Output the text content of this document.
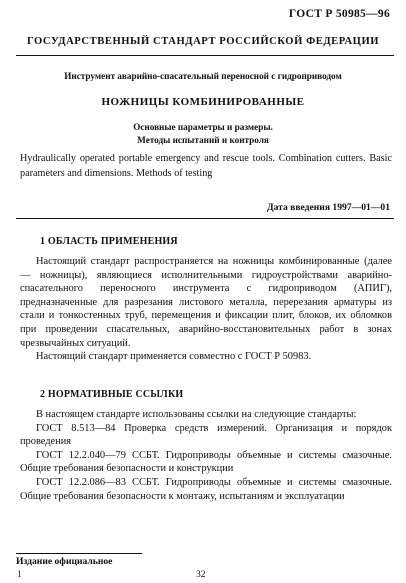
ГОСТ Р 50985—96
ГОСУДАРСТВЕННЫЙ СТАНДАРТ РОССИЙСКОЙ ФЕДЕРАЦИИ
Инструмент аварийно-спасательный переносной с гидроприводом
НОЖНИЦЫ КОМБИНИРОВАННЫЕ
Основные параметры и размеры.
Методы испытаний и контроля
Hydraulically operated portable emergency and rescue tools. Combination cutters. Basic parameters and dimensions. Methods of testing
Дата введения 1997—01—01
1 ОБЛАСТЬ ПРИМЕНЕНИЯ

Настоящий стандарт распространяется на ножницы комбинированные (далее — ножницы), являющиеся исполнительными гидроустройствами аварийно-спасательного переносного инструмента с гидроприводом (АПИГ), предназначенные для разрезания листового металла, перерезания арматуры из стали и тонкостенных труб, перемещения и фиксации плит, блоков, их обломков при проведении спасательных, аварийно-восстановительных работ в зонах чрезвычайных ситуаций.

Настоящий стандарт применяется совместно с ГОСТ Р 50983.

2 НОРМАТИВНЫЕ ССЫЛКИ

В настоящем стандарте использованы ссылки на следующие стандарты:

ГОСТ 8.513—84 Проверка средств измерений. Организация и порядок проведения

ГОСТ 12.2.040—79 ССБТ. Гидроприводы объемные и системы смазочные. Общие требования безопасности и конструкции

ГОСТ 12.2.086—83 ССБТ. Гидроприводы объемные и системы смазочные. Общие требования безопасности к монтажу, испытаниям и эксплуатации

Издание официальное
1	32
